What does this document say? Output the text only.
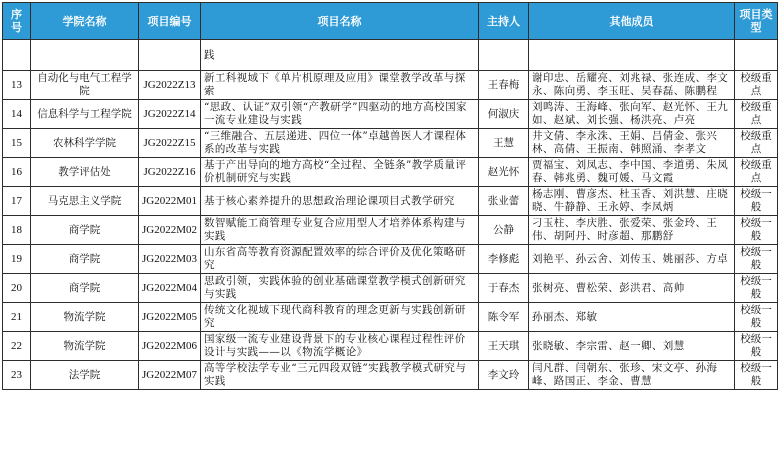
序号	学院名称	项目编号	项目名称	主持人	其他成员	项目类型
			践			
13	自动化与电气工程学院	JG2022Z13	新工科视域下《单片机原理及应用》课堂教学改革与探索	王春梅	谢印忠、岳耀亮、刘兆禄、张连成、李文永、陈向勇、李玉旺、吴春磊、陈鹏程	校级重点
14	信息科学与工程学院	JG2022Z14	“思政、认证”双引领“产教研学”四驱动的地方高校国家一流专业建设与实践	何淑庆	刘鸣涛、王海峰、张向军、赵光怀、王九如、赵斌、刘长强、杨洪亮、卢亮	校级重点
15	农林科学学院	JG2022Z15	“三维融合、五层递进、四位一体”卓越兽医人才课程体系的改革与实践	王慧	井文倩、李永洙、王娟、吕倩金、张兴林、高倩、王振南、韩照涌、李孝文	校级重点
16	教学评估处	JG2022Z16	基于产出导向的地方高校“全过程、全链条”教学质量评价机制研究与实践	赵光怀	贾福宝、刘凤志、李中国、李道勇、朱凤春、韩兆勇、魏可媛、马文霞	校级重点
17	马克思主义学院	JG2022M01	基于核心素养提升的思想政治理论课项目式教学研究	张业蕾	杨志刚、曹彦杰、杜玉香、刘洪慧、庄晓晓、牛静静、王永婷、李凤炳	校级一般
18	商学院	JG2022M02	数智赋能工商管理专业复合应用型人才培养体系构建与实践	公静	刁玉柱、李庆胜、张爱荣、张金玲、王伟、胡阿丹、时彦超、那鹏舒	校级一般
19	商学院	JG2022M03	山东省高等教育资源配置效率的综合评价及优化策略研究	李修彪	刘艳平、孙云舍、刘传玉、姚丽莎、方卓	校级一般
20	商学院	JG2022M04	思政引领，实践体验的创业基础课堂教学模式创新研究与实践	于春杰	张树亮、曹松荣、彭洪君、高帅	校级一般
21	物流学院	JG2022M05	传统文化视域下现代商科教育的理念更新与实践创新研究	陈令军	孙丽杰、郑敏	校级一般
22	物流学院	JG2022M06	国家级一流专业建设背景下的专业核心课程过程性评价设计与实践——以《物流学概论》	王天琪	张晓敏、李宗雷、赵一卿、刘慧	校级一般
23	法学院	JG2022M07	高等学校法学专业“三元四段双链”实践教学模式研究与实践	李文玲	闫凡群、闫朝东、张珍、宋文亭、孙海峰、路国正、李金、曹慧	校级一般
